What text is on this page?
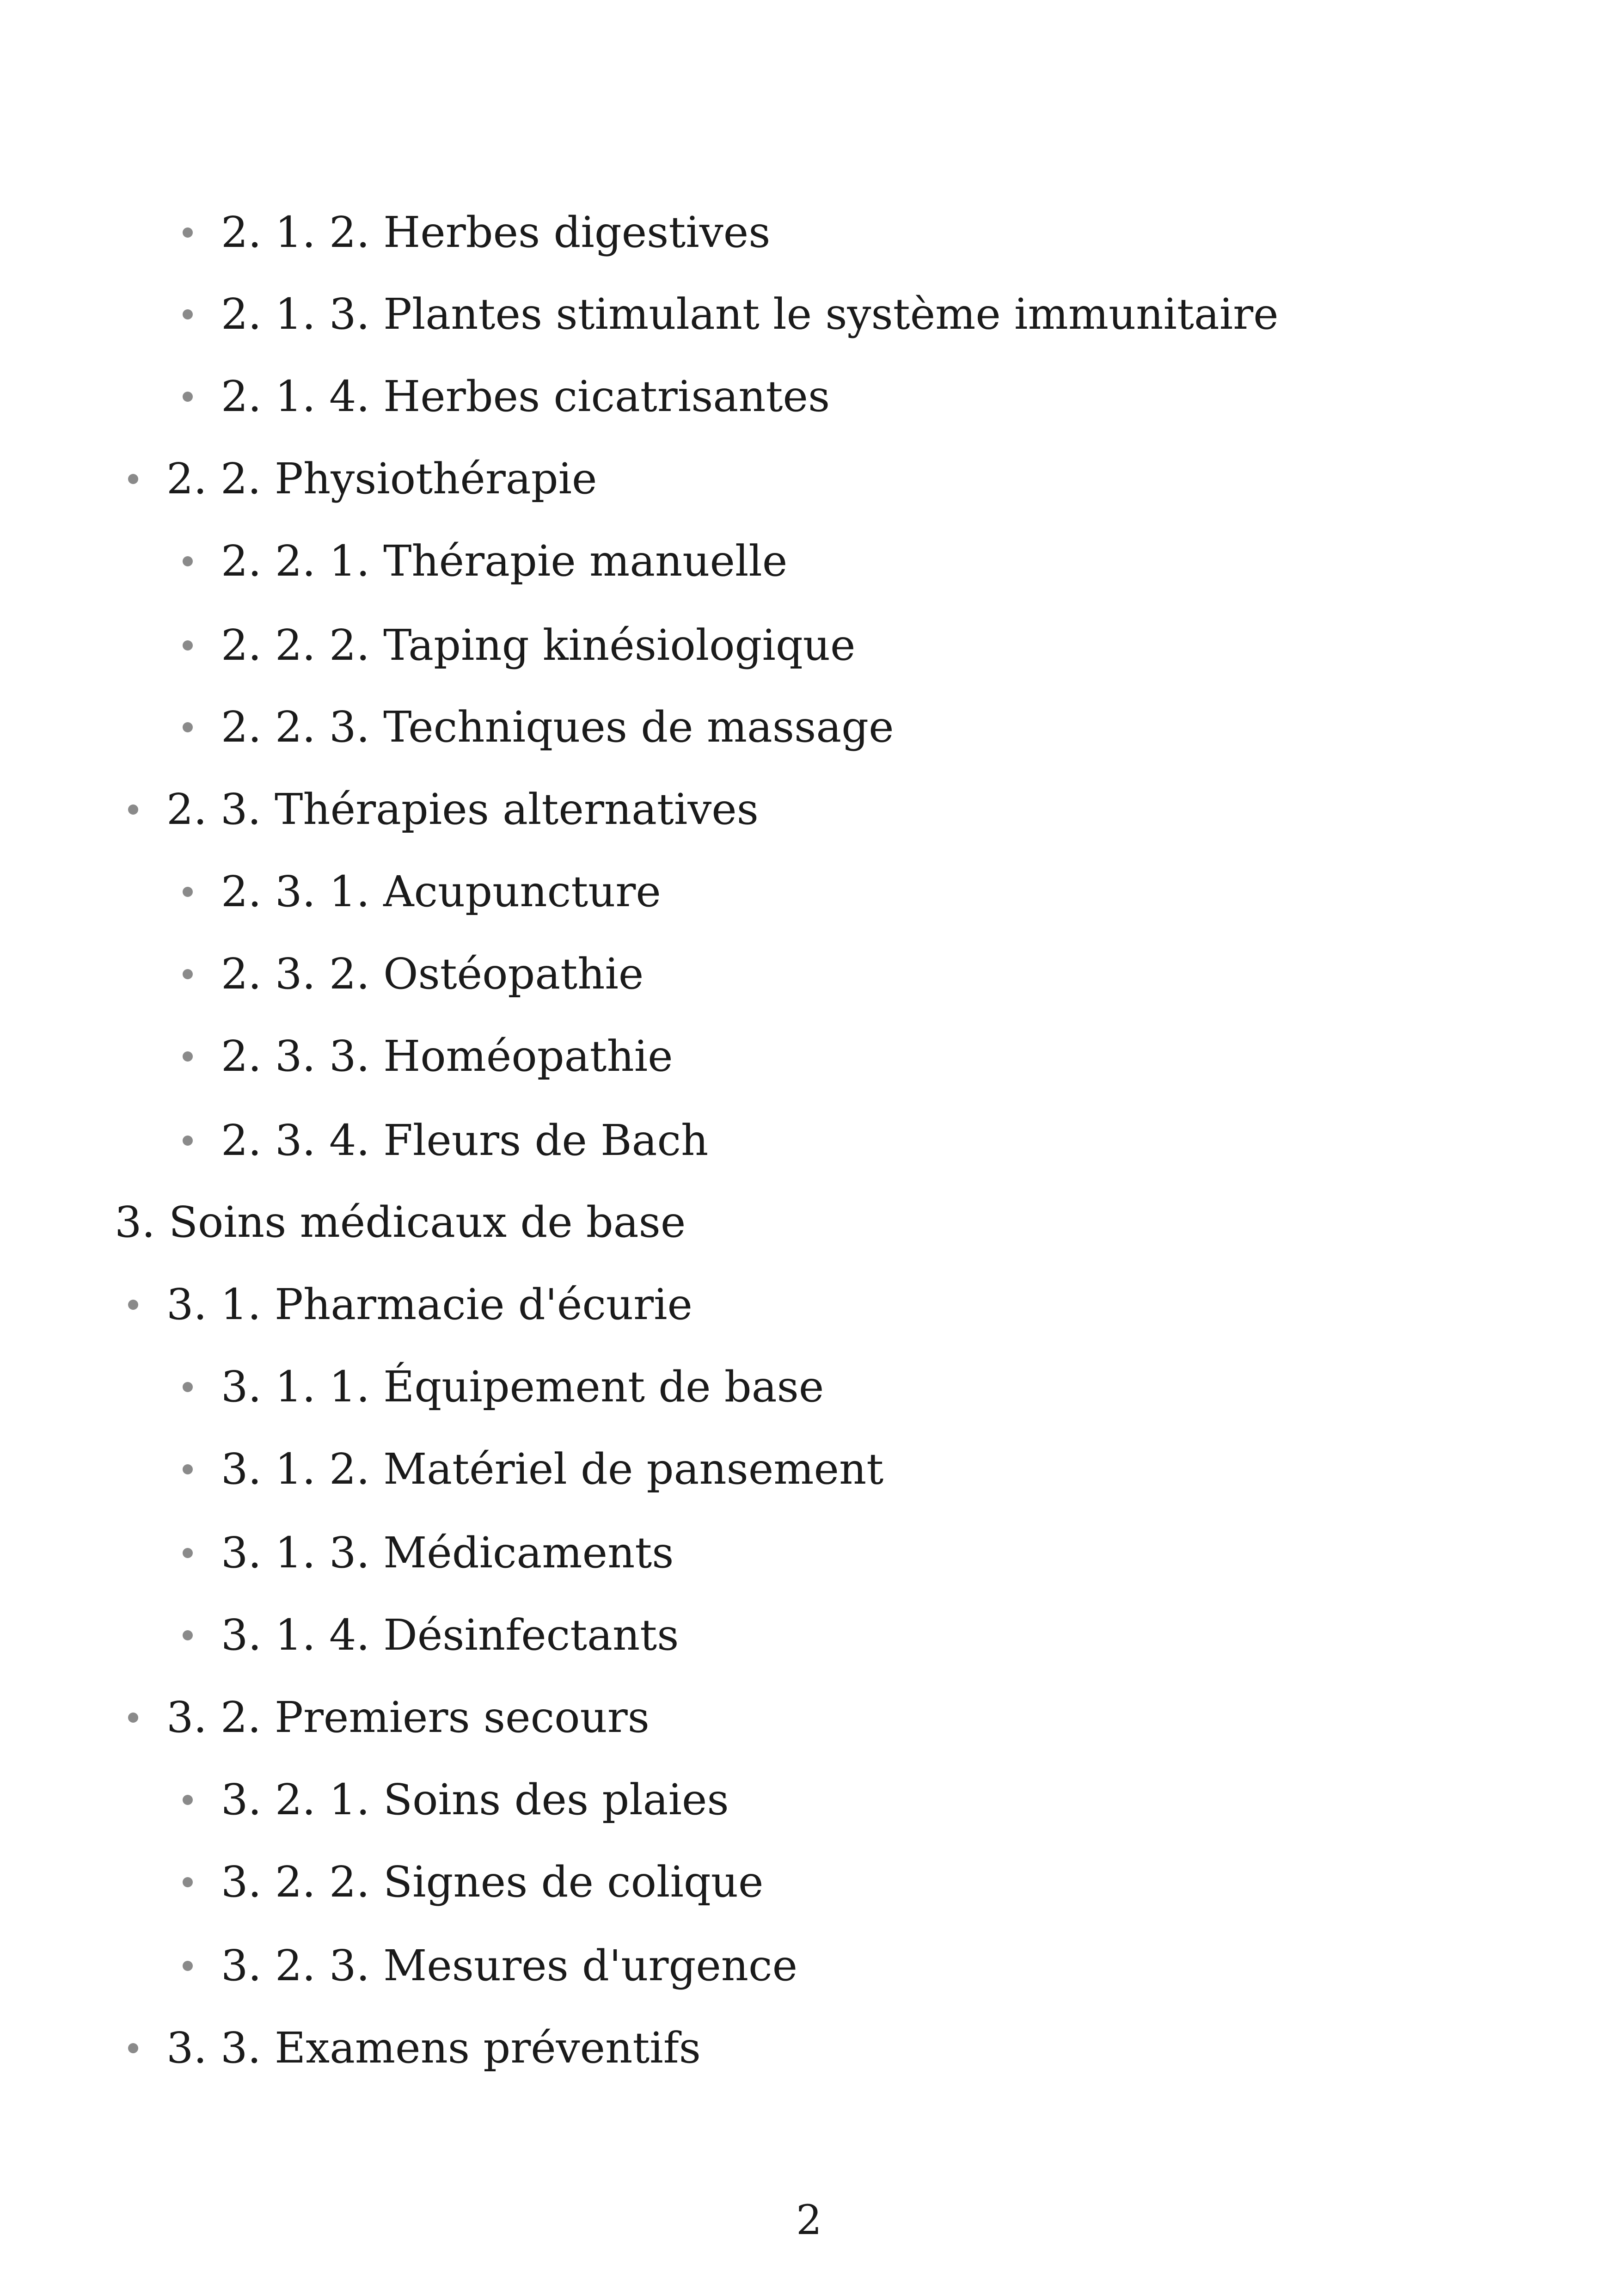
2. 1. 2. Herbes digestives
2. 1. 3. Plantes stimulant le système immunitaire
2. 1. 4. Herbes cicatrisantes
2. 2. Physiothérapie
2. 2. 1. Thérapie manuelle
2. 2. 2. Taping kinésiologique
2. 2. 3. Techniques de massage
2. 3. Thérapies alternatives
2. 3. 1. Acupuncture
2. 3. 2. Ostéopathie
2. 3. 3. Homéopathie
2. 3. 4. Fleurs de Bach
3. Soins médicaux de base
3. 1. Pharmacie d'écurie
3. 1. 1. Équipement de base
3. 1. 2. Matériel de pansement
3. 1. 3. Médicaments
3. 1. 4. Désinfectants
3. 2. Premiers secours
3. 2. 1. Soins des plaies
3. 2. 2. Signes de colique
3. 2. 3. Mesures d'urgence
3. 3. Examens préventifs
2
